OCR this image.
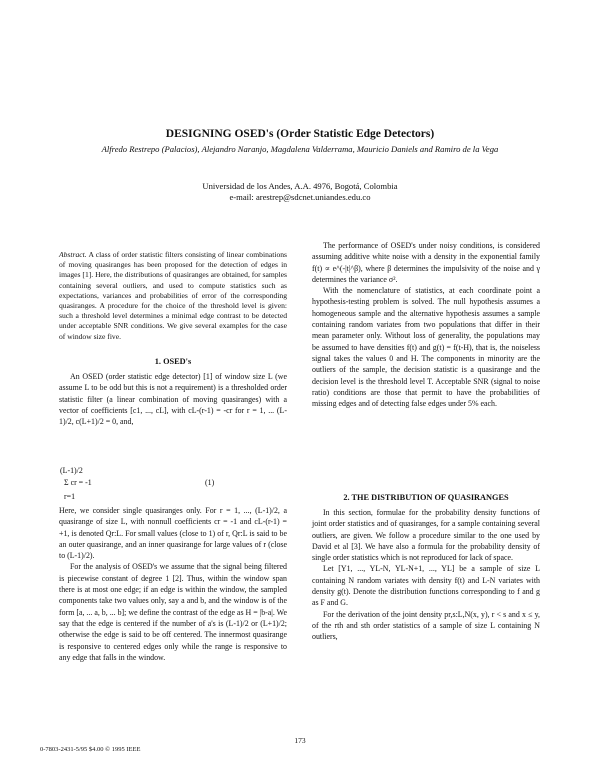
DESIGNING OSED's (Order Statistic Edge Detectors)
Alfredo Restrepo (Palacios), Alejandro Naranjo, Magdalena Valderrama, Mauricio Daniels and Ramiro de la Vega
Universidad de los Andes, A.A. 4976, Bogotá, Colombia
e-mail: arestrep@sdcnet.uniandes.edu.co
Abstract. A class of order statistic filters consisting of linear combinations of moving quasiranges has been proposed for the detection of edges in images [1]. Here, the distributions of quasiranges are obtained, for samples containing several outliers, and used to compute statistics such as expectations, variances and probabilities of error of the corresponding quasiranges. A procedure for the choice of the threshold level is given: such a threshold level determines a minimal edge contrast to be detected under acceptable SNR conditions. We give several examples for the case of window size five.
1. OSED's

An OSED (order statistic edge detector) [1] of window size L (we assume L to be odd but this is not a requirement) is a thresholded order statistic filter (a linear combination of moving quasiranges) with a vector of coefficients [c1, ..., cL], with cL-(r-1) = -cr for r = 1, ... (L-1)/2, c(L+1)/2 = 0, and,

(L-1)/2
Σ cr = -1
r=1
(1)

Here, we consider single quasiranges only. For r = 1, ..., (L-1)/2, a quasirange of size L, with nonnull coefficients cr = -1 and cL-(r-1) = +1, is denoted Qr:L. For small values (close to 1) of r, Qr:L is said to be an outer quasirange, and an inner quasirange for large values of r (close to (L-1)/2).

For the analysis of OSED's we assume that the signal being filtered is piecewise constant of degree 1 [2]. Thus, within the window span there is at most one edge; if an edge is within the window, the sampled components take two values only, say a and b, and the window is of the form [a, ... a, b, ... b]; we define the contrast of the edge as H = |b-a|. We say that the edge is centered if the number of a's is (L-1)/2 or (L+1)/2; otherwise the edge is said to be off centered. The innermost quasirange is responsive to centered edges only while the range is responsive to any edge that falls in the window.

The performance of OSED's under noisy conditions, is considered assuming additive white noise with a density in the exponential family f(t) ∝ e^(-|t|^β), where β determines the impulsivity of the noise and γ determines the variance σ².

With the nomenclature of statistics, at each coordinate point a hypothesis-testing problem is solved. The null hypothesis assumes a homogeneous sample and the alternative hypothesis assumes a sample containing random variates from two populations that differ in their mean parameter only. Without loss of generality, the populations may be assumed to have densities f(t) and g(t) = f(t-H), that is, the noiseless signal takes the values 0 and H. The components in minority are the outliers of the sample, the decision statistic is a quasirange and the decision level is the threshold level T. Acceptable SNR (signal to noise ratio) conditions are those that permit to have the probabilities of missing edges and of detecting false edges under 5% each.

2. THE DISTRIBUTION OF QUASIRANGES

In this section, formulae for the probability density functions of joint order statistics and of quasiranges, for a sample containing several outliers, are given. We follow a procedure similar to the one used by David et al [3]. We have also a formula for the probability density of single order statistics which is not reproduced for lack of space.

Let [Y1, ..., YL-N, YL-N+1, ..., YL] be a sample of size L containing N random variates with density f(t) and L-N variates with density g(t). Denote the distribution functions corresponding to f and g as F and G.

For the derivation of the joint density pr,s:L,N(x, y), r < s and x ≤ y, of the rth and sth order statistics of a sample of size L containing N outliers,

173
0-7803-2431-5/95 $4.00 © 1995 IEEE
